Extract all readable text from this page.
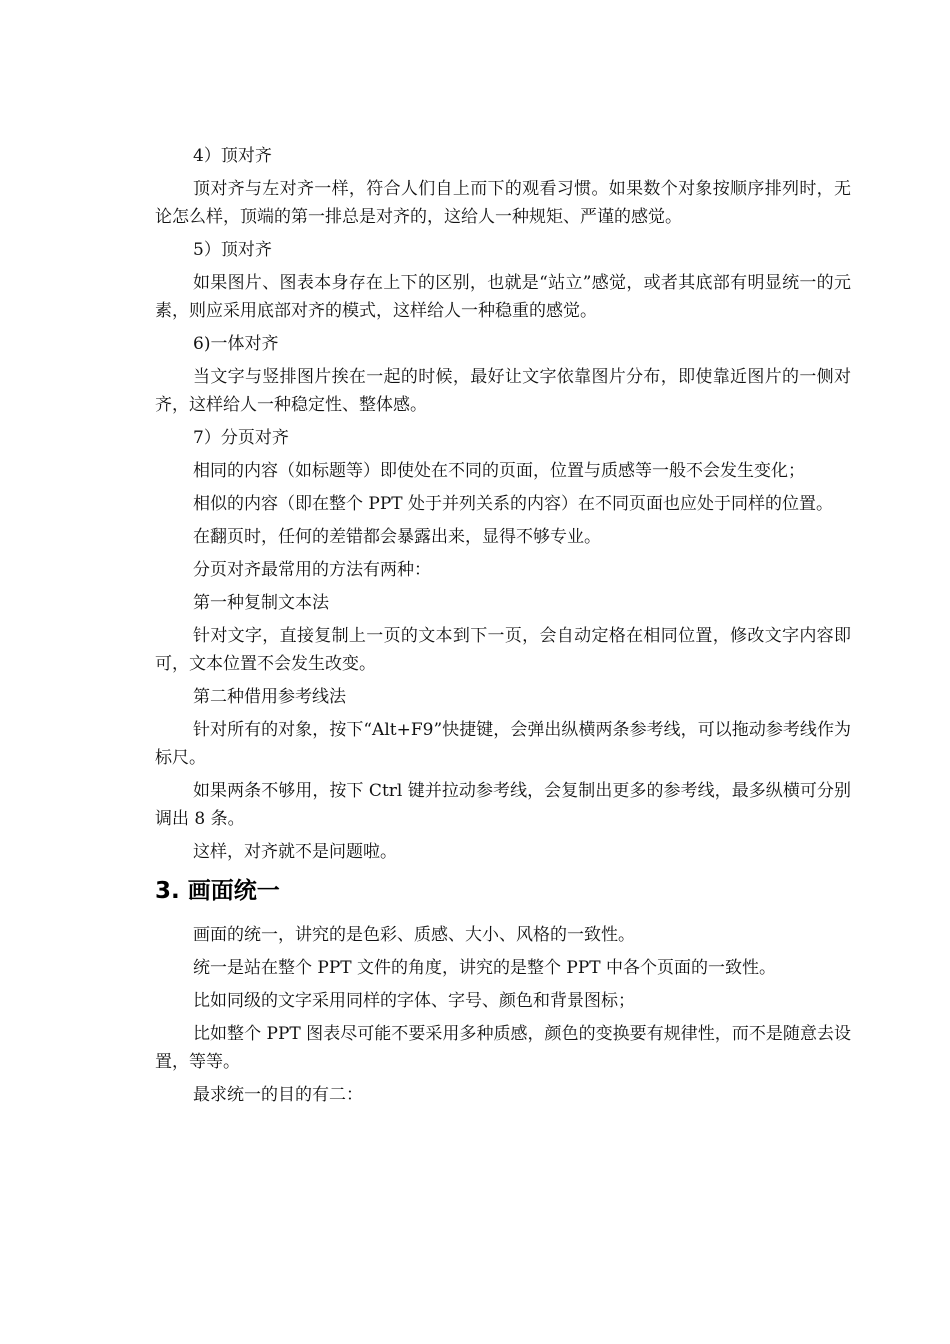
4）顶对齐
顶对齐与左对齐一样，符合人们自上而下的观看习惯。如果数个对象按顺序排列时，无论怎么样，顶端的第一排总是对齐的，这给人一种规矩、严谨的感觉。
5）顶对齐
如果图片、图表本身存在上下的区别，也就是“站立”感觉，或者其底部有明显统一的元素，则应采用底部对齐的模式，这样给人一种稳重的感觉。
6)一体对齐
当文字与竖排图片挨在一起的时候，最好让文字依靠图片分布，即使靠近图片的一侧对齐，这样给人一种稳定性、整体感。
7）分页对齐
相同的内容（如标题等）即使处在不同的页面，位置与质感等一般不会发生变化；
相似的内容（即在整个 PPT 处于并列关系的内容）在不同页面也应处于同样的位置。
在翻页时，任何的差错都会暴露出来，显得不够专业。
分页对齐最常用的方法有两种：
第一种复制文本法
针对文字，直接复制上一页的文本到下一页，会自动定格在相同位置，修改文字内容即可，文本位置不会发生改变。
第二种借用参考线法
针对所有的对象，按下“Alt+F9”快捷键，会弹出纵横两条参考线，可以拖动参考线作为标尺。
如果两条不够用，按下 Ctrl 键并拉动参考线，会复制出更多的参考线，最多纵横可分别调出 8 条。
这样，对齐就不是问题啦。
3. 画面统一
画面的统一，讲究的是色彩、质感、大小、风格的一致性。
统一是站在整个 PPT 文件的角度，讲究的是整个 PPT 中各个页面的一致性。
比如同级的文字采用同样的字体、字号、颜色和背景图标；
比如整个 PPT 图表尽可能不要采用多种质感，颜色的变换要有规律性，而不是随意去设置，等等。
最求统一的目的有二：
